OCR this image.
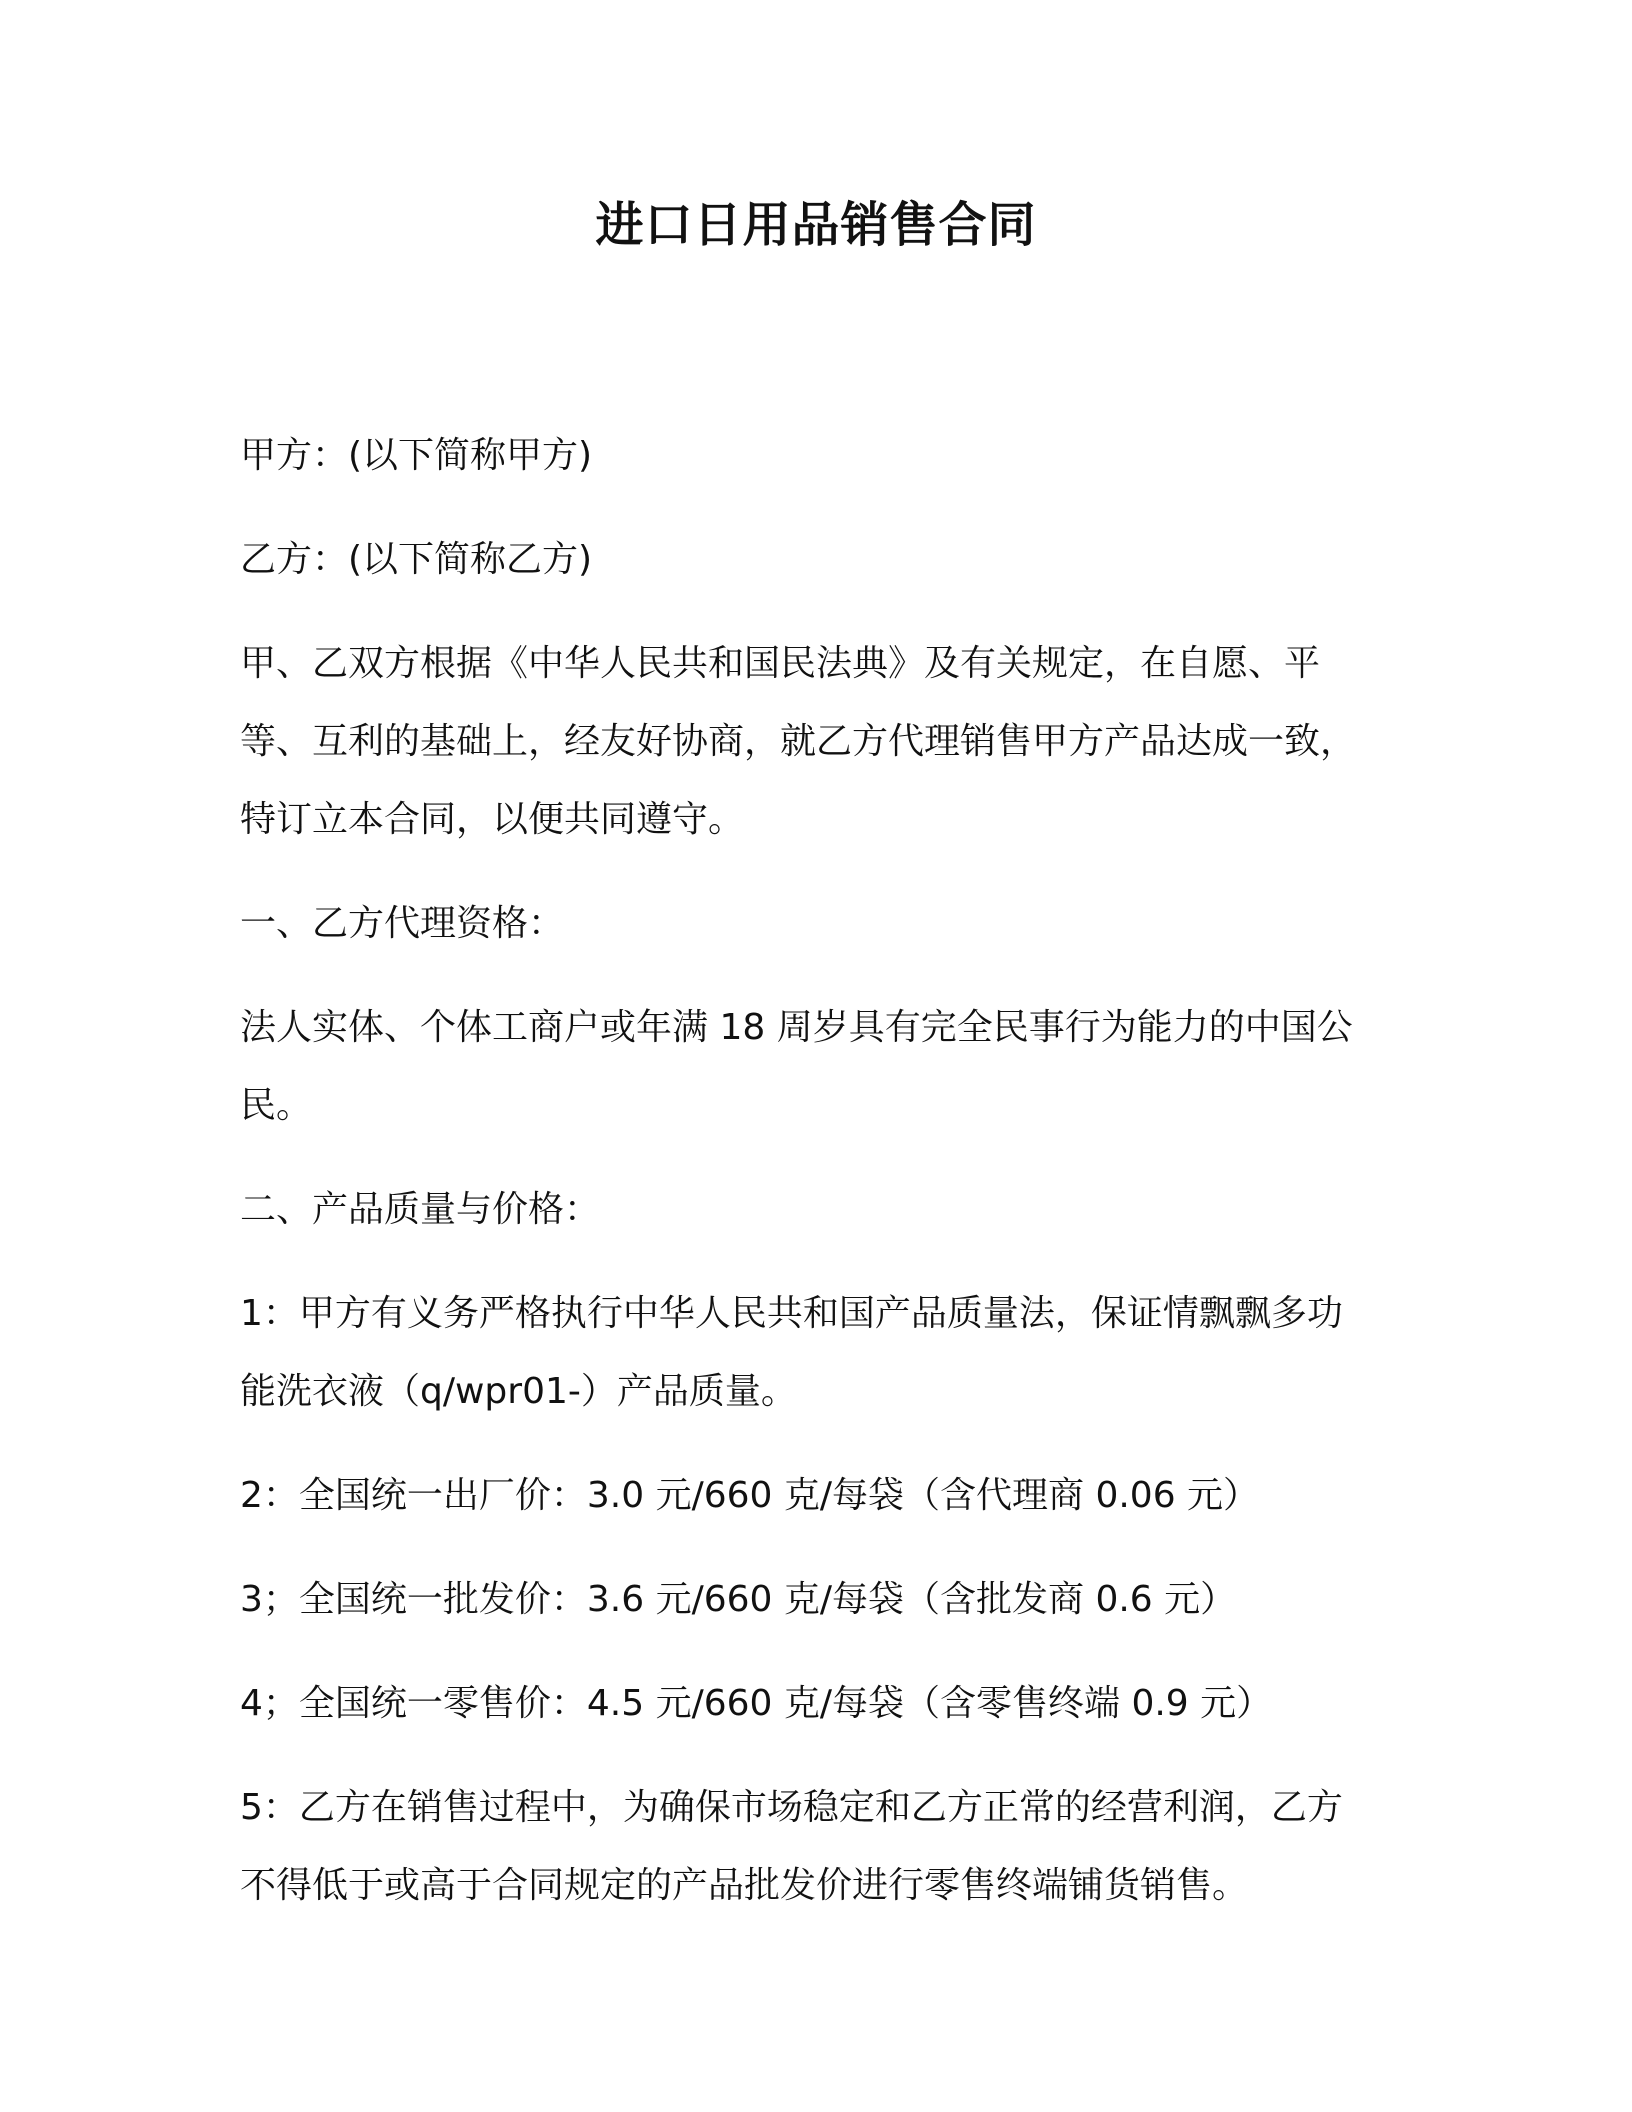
进口日用品销售合同

甲方：(以下简称甲方)

乙方：(以下简称乙方)

甲、乙双方根据《中华人民共和国民法典》及有关规定，在自愿、平
等、互利的基础上，经友好协商，就乙方代理销售甲方产品达成一致，
特订立本合同，以便共同遵守。

一、乙方代理资格：

法人实体、个体工商户或年满 18 周岁具有完全民事行为能力的中国公
民。

二、产品质量与价格：

1：甲方有义务严格执行中华人民共和国产品质量法，保证情飘飘多功
能洗衣液（q/wpr01-）产品质量。

2：全国统一出厂价：3.0 元/660 克/每袋（含代理商 0.06 元）

3；全国统一批发价：3.6 元/660 克/每袋（含批发商 0.6 元）

4；全国统一零售价：4.5 元/660 克/每袋（含零售终端 0.9 元）

5：乙方在销售过程中，为确保市场稳定和乙方正常的经营利润，乙方
不得低于或高于合同规定的产品批发价进行零售终端铺货销售。
